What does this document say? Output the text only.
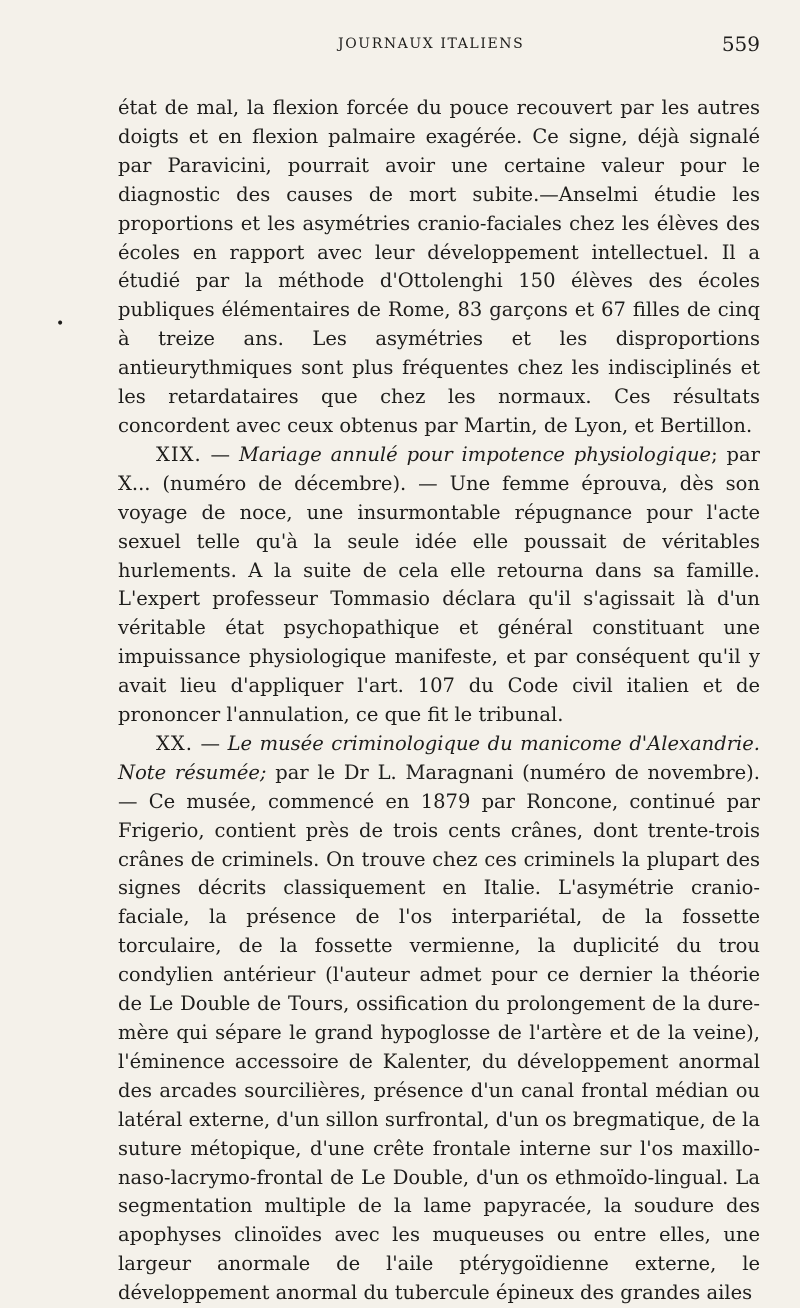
JOURNAUX ITALIENS	559
•

état de mal, la flexion forcée du pouce recouvert par les autres doigts et en flexion palmaire exagérée. Ce signe, déjà signalé par Paravicini, pourrait avoir une certaine valeur pour le diagnostic des causes de mort subite.—Anselmi étudie les proportions et les asymétries cranio-faciales chez les élèves des écoles en rapport avec leur développement intellectuel. Il a étudié par la méthode d'Ottolenghi 150 élèves des écoles publiques élémentaires de Rome, 83 garçons et 67 filles de cinq à treize ans. Les asymétries et les disproportions antieurythmiques sont plus fréquentes chez les indisciplinés et les retardataires que chez les normaux. Ces résultats concordent avec ceux obtenus par Martin, de Lyon, et Bertillon.

XIX. — Mariage annulé pour impotence physiologique; par X... (numéro de décembre). — Une femme éprouva, dès son voyage de noce, une insurmontable répugnance pour l'acte sexuel telle qu'à la seule idée elle poussait de véritables hurlements. A la suite de cela elle retourna dans sa famille. L'expert professeur Tommasio déclara qu'il s'agissait là d'un véritable état psychopathique et général constituant une impuissance physiologique manifeste, et par conséquent qu'il y avait lieu d'appliquer l'art. 107 du Code civil italien et de prononcer l'annulation, ce que fit le tribunal.

XX. — Le musée criminologique du manicome d'Alexandrie. Note résumée; par le Dr L. Maragnani (numéro de novembre). — Ce musée, commencé en 1879 par Roncone, continué par Frigerio, contient près de trois cents crânes, dont trente-trois crânes de criminels. On trouve chez ces criminels la plupart des signes décrits classiquement en Italie. L'asymétrie cranio-faciale, la présence de l'os interpariétal, de la fossette torculaire, de la fossette vermienne, la duplicité du trou condylien antérieur (l'auteur admet pour ce dernier la théorie de Le Double de Tours, ossification du prolongement de la dure-mère qui sépare le grand hypoglosse de l'artère et de la veine), l'éminence accessoire de Kalenter, du développement anormal des arcades sourcilières, présence d'un canal frontal médian ou latéral externe, d'un sillon surfrontal, d'un os bregmatique, de la suture métopique, d'une crête frontale interne sur l'os maxillo-naso-lacrymo-frontal de Le Double, d'un os ethmoïdo-lingual. La segmentation multiple de la lame papyracée, la soudure des apophyses clinoïdes avec les muqueuses ou entre elles, une largeur anormale de l'aile ptérygoïdienne externe, le développement anormal du tubercule épineux des grandes ailes
